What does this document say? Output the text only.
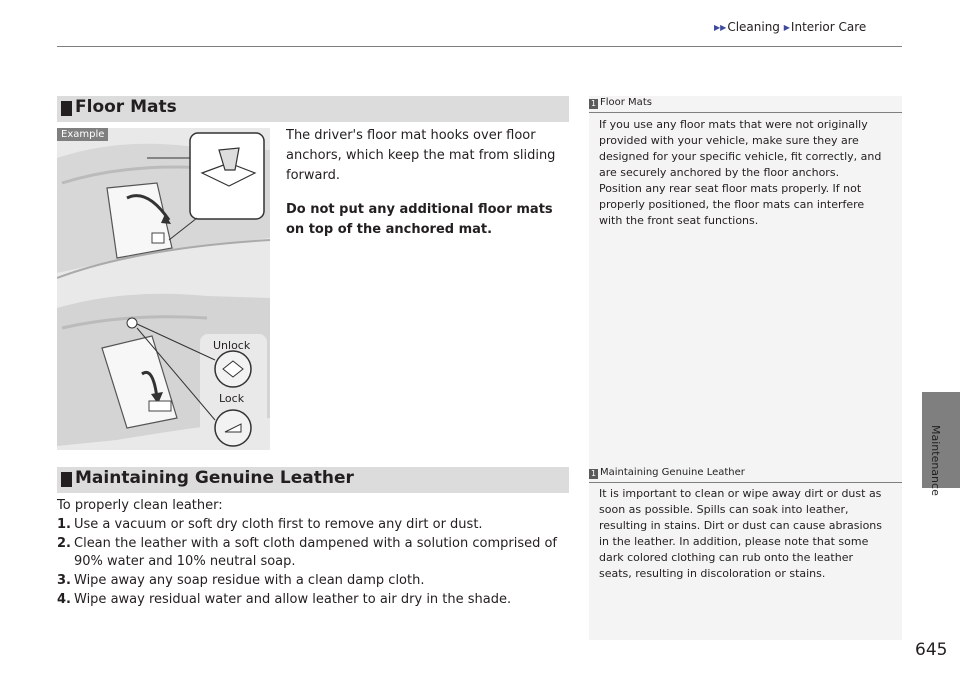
▶▶Cleaning ▶Interior Care
Maintenance
Floor Mats
Example
Unlock
Lock
The driver's floor mat hooks over floor anchors, which keep the mat from sliding forward.
Do not put any additional floor mats on top of the anchored mat.
1 Floor Mats
If you use any floor mats that were not originally provided with your vehicle, make sure they are designed for your specific vehicle, fit correctly, and are securely anchored by the floor anchors.
Position any rear seat floor mats properly. If not properly positioned, the floor mats can interfere with the front seat functions.
Maintaining Genuine Leather
To properly clean leather:
1. Use a vacuum or soft dry cloth first to remove any dirt or dust.
2. Clean the leather with a soft cloth dampened with a solution comprised of 90% water and 10% neutral soap.
3. Wipe away any soap residue with a clean damp cloth.
4. Wipe away residual water and allow leather to air dry in the shade.
1 Maintaining Genuine Leather
It is important to clean or wipe away dirt or dust as soon as possible. Spills can soak into leather, resulting in stains. Dirt or dust can cause abrasions in the leather. In addition, please note that some dark colored clothing can rub onto the leather seats, resulting in discoloration or stains.
645
